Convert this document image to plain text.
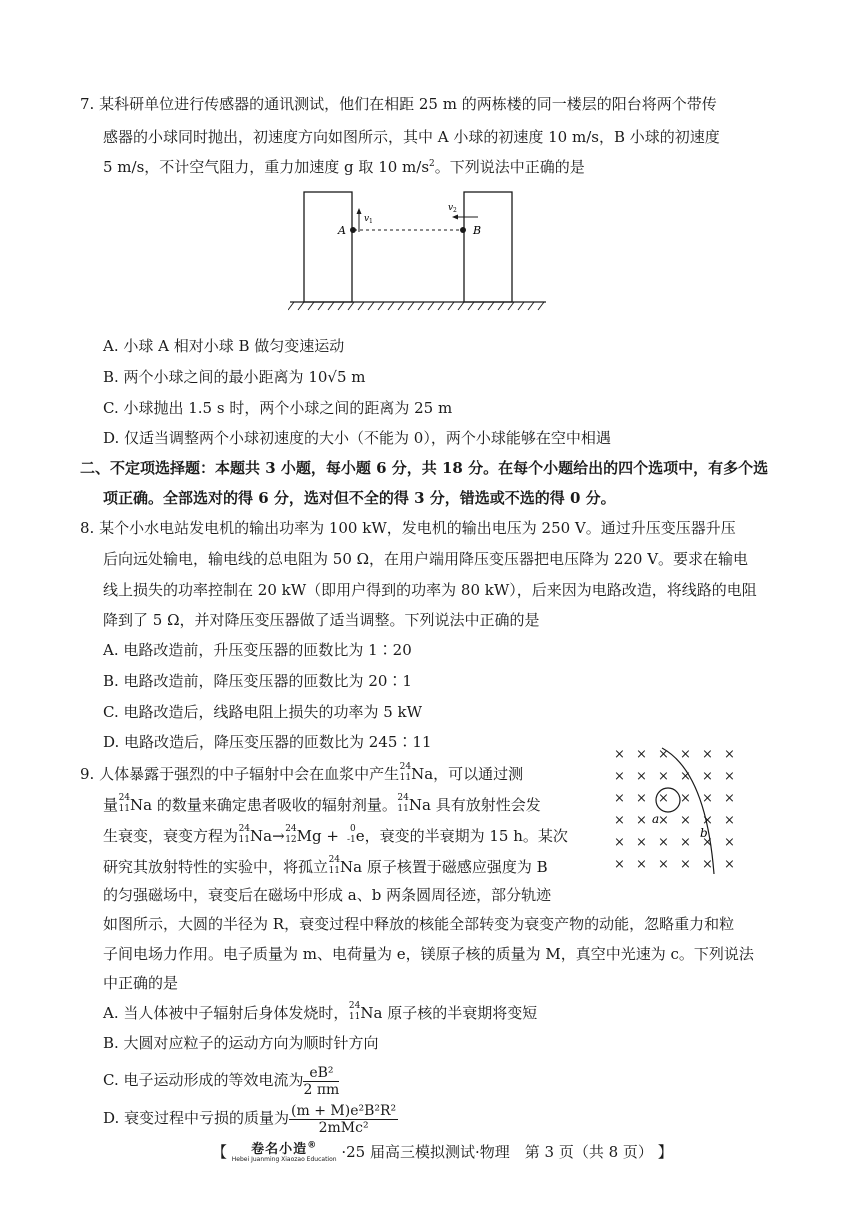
7. 某科研单位进行传感器的通讯测试，他们在相距 25 m 的两栋楼的同一楼层的阳台将两个带传
感器的小球同时抛出，初速度方向如图所示，其中 A 小球的初速度 10 m/s，B 小球的初速度
5 m/s，不计空气阻力，重力加速度 g 取 10 $m/s^2$。下列说法中正确的是
A	B
v 1
v 2
A. 小球 A 相对小球 B 做匀变速运动
B. 两个小球之间的最小距离为 10√5 m
C. 小球抛出 1.5 s 时，两个小球之间的距离为 25 m
D. 仅适当调整两个小球初速度的大小（不能为 0），两个小球能够在空中相遇
二、不定项选择题：本题共 3 小题，每小题 6 分，共 18 分。在每个小题给出的四个选项中，有多个选
项正确。全部选对的得 6 分，选对但不全的得 3 分，错选或不选的得 0 分。
8. 某个小水电站发电机的输出功率为 100 kW，发电机的输出电压为 250 V。通过升压变压器升压
后向远处输电，输电线的总电阻为 50 Ω，在用户端用降压变压器把电压降为 220 V。要求在输电
线上损失的功率控制在 20 kW（即用户得到的功率为 80 kW），后来因为电路改造，将线路的电阻
降到了 5 Ω，并对降压变压器做了适当调整。下列说法中正确的是
A. 电路改造前，升压变压器的匝数比为 1∶20
B. 电路改造前，降压变压器的匝数比为 20∶1
C. 电路改造后，线路电阻上损失的功率为 5 kW
D. 电路改造后，降压变压器的匝数比为 245∶11
9. 人体暴露于强烈的中子辐射中会在血浆中产生 24
11 Na，可以通过测
量 24
11 Na 的数量来确定患者吸收的辐射剂量。 24
11 Na 具有放射性会发
生衰变，衰变方程为 24
11 Na→ 24
12 Mg + 0
-1 e，衰变的半衰期为 15 h。某次
研究其放射特性的实验中，将孤立 24
11 Na 原子核置于磁感应强度为 B
的匀强磁场中，衰变后在磁场中形成 a、b 两条圆周径迹，部分轨迹
× × × × × ×
× × × × × ×
× × × × × ×
× × × × × ×
× × × × × ×
× × × × × ×
a
b
如图所示，大圆的半径为 R，衰变过程中释放的核能全部转变为衰变产物的动能，忽略重力和粒
子间电场力作用。电子质量为 m、电荷量为 e，镁原子核的质量为 M，真空中光速为 c。下列说法
中正确的是
A. 当人体被中子辐射后身体发烧时， 24
11 Na 原子核的半衰期将变短
B. 大圆对应粒子的运动方向为顺时针方向
C. 电子运动形成的等效电流为 $\frac{\text{eB²}}{2 \pi m}$
D. 衰变过程中亏损的质量为 $\frac{\text{(m + M)e²B²R²}}{\text{2mMc²}}$
【 卷名小造®
Hebei Juanming Xiaozao Education ·25 届高三模拟测试·物理　第 3 页（共 8 页） 】
